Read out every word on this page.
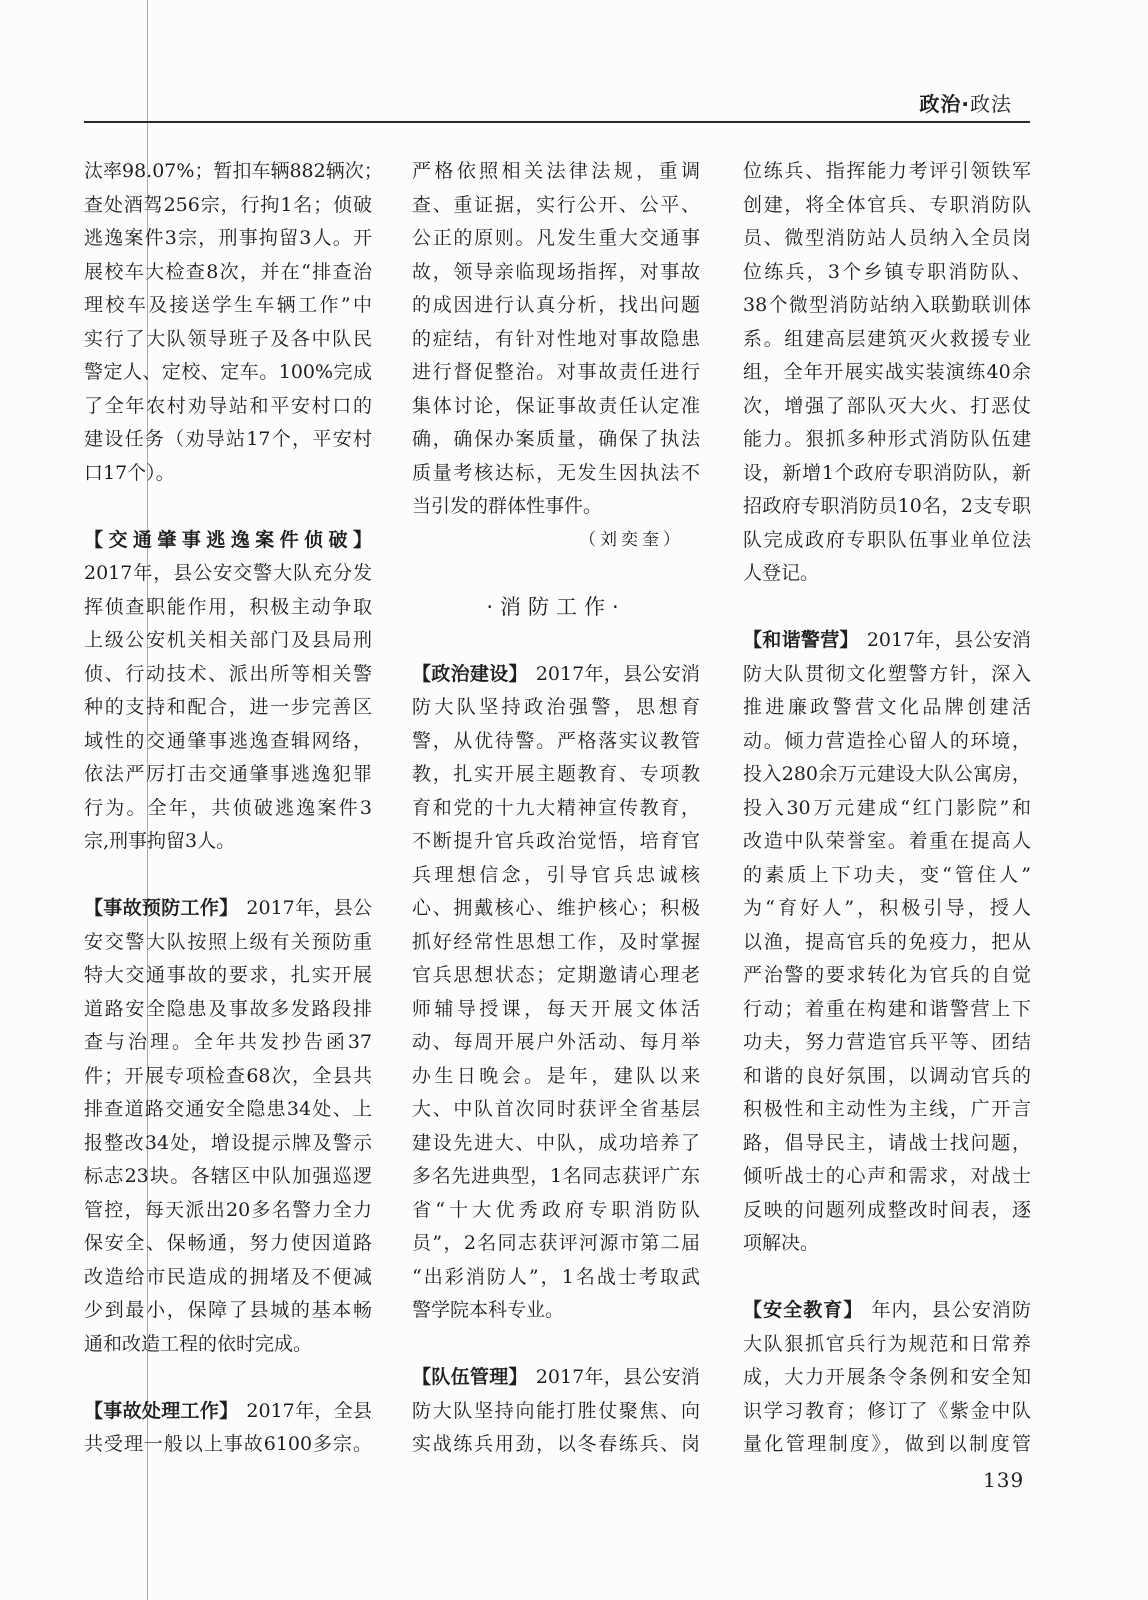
政治·政法
汰率98.07%；暂扣车辆882辆次；
查处酒驾256宗，行拘1名；侦破
逃逸案件3宗，刑事拘留3人。开
展校车大检查8次，并在“排查治
理校车及接送学生车辆工作”中
实行了大队领导班子及各中队民
警定人、定校、定车。100%完成
了全年农村劝导站和平安村口的
建设任务（劝导站17个，平安村
口17个）。
【交通肇事逃逸案件侦破】
2017年，县公安交警大队充分发
挥侦查职能作用，积极主动争取
上级公安机关相关部门及县局刑
侦、行动技术、派出所等相关警
种的支持和配合，进一步完善区
域性的交通肇事逃逸查辑网络，
依法严厉打击交通肇事逃逸犯罪
行为。全年，共侦破逃逸案件3
宗,刑事拘留3人。
【事故预防工作】 2017年，县公
安交警大队按照上级有关预防重
特大交通事故的要求，扎实开展
道路安全隐患及事故多发路段排
查与治理。全年共发抄告函37
件；开展专项检查68次，全县共
排查道路交通安全隐患34处、上
报整改34处，增设提示牌及警示
标志23块。各辖区中队加强巡逻
管控，每天派出20多名警力全力
保安全、保畅通，努力使因道路
改造给市民造成的拥堵及不便减
少到最小，保障了县城的基本畅
通和改造工程的依时完成。
【事故处理工作】 2017年，全县
共受理一般以上事故6100多宗。
严格依照相关法律法规，重调
查、重证据，实行公开、公平、
公正的原则。凡发生重大交通事
故，领导亲临现场指挥，对事故
的成因进行认真分析，找出问题
的症结，有针对性地对事故隐患
进行督促整治。对事故责任进行
集体讨论，保证事故责任认定准
确，确保办案质量，确保了执法
质量考核达标，无发生因执法不
当引发的群体性事件。
（刘奕奎）
·消防工作·
【政治建设】 2017年，县公安消
防大队坚持政治强警，思想育
警，从优待警。严格落实议教管
教，扎实开展主题教育、专项教
育和党的十九大精神宣传教育，
不断提升官兵政治觉悟，培育官
兵理想信念，引导官兵忠诚核
心、拥戴核心、维护核心；积极
抓好经常性思想工作，及时掌握
官兵思想状态；定期邀请心理老
师辅导授课，每天开展文体活
动、每周开展户外活动、每月举
办生日晚会。是年，建队以来
大、中队首次同时获评全省基层
建设先进大、中队，成功培养了
多名先进典型，1名同志获评广东
省“十大优秀政府专职消防队
员”，2名同志获评河源市第二届
“出彩消防人”，1名战士考取武
警学院本科专业。
【队伍管理】 2017年，县公安消
防大队坚持向能打胜仗聚焦、向
实战练兵用劲，以冬春练兵、岗
位练兵、指挥能力考评引领铁军
创建，将全体官兵、专职消防队
员、微型消防站人员纳入全员岗
位练兵，3个乡镇专职消防队、
38个微型消防站纳入联勤联训体
系。组建高层建筑灭火救援专业
组，全年开展实战实装演练40余
次，增强了部队灭大火、打恶仗
能力。狠抓多种形式消防队伍建
设，新增1个政府专职消防队，新
招政府专职消防员10名，2支专职
队完成政府专职队伍事业单位法
人登记。
【和谐警营】 2017年，县公安消
防大队贯彻文化塑警方针，深入
推进廉政警营文化品牌创建活
动。倾力营造拴心留人的环境，
投入280余万元建设大队公寓房，
投入30万元建成“红门影院”和
改造中队荣誉室。着重在提高人
的素质上下功夫，变“管住人”
为“育好人”，积极引导，授人
以渔，提高官兵的免疫力，把从
严治警的要求转化为官兵的自觉
行动；着重在构建和谐警营上下
功夫，努力营造官兵平等、团结
和谐的良好氛围，以调动官兵的
积极性和主动性为主线，广开言
路，倡导民主，请战士找问题，
倾听战士的心声和需求，对战士
反映的问题列成整改时间表，逐
项解决。
【安全教育】 年内，县公安消防
大队狠抓官兵行为规范和日常养
成，大力开展条令条例和安全知
识学习教育；修订了《紫金中队
量化管理制度》，做到以制度管
139
